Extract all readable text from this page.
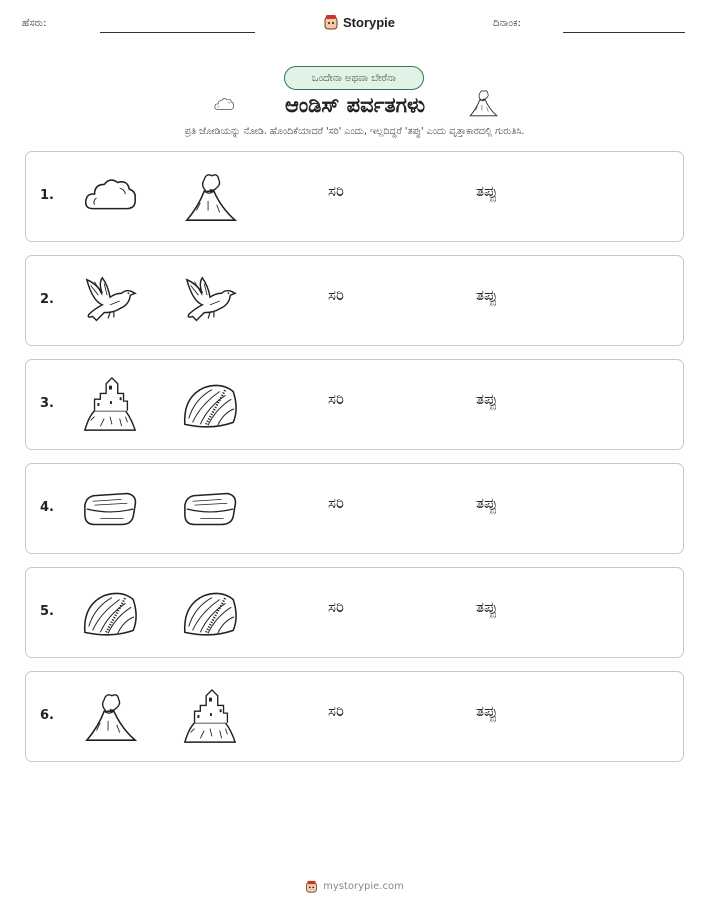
ಹೆಸರು:	Storypie	ದಿನಾಂಕ:
ಒಂದೇನಾ ಅಥವಾ ಬೇರೆನಾ
ಆಂಡಿಸ್ ಪರ್ವತಗಳು
ಪ್ರತಿ ಜೋಡಿಯನ್ನು ನೋಡಿ. ಹೊಂದಿಕೆಯಾದರೆ 'ಸರಿ' ಎಂದು, ಇಲ್ಲದಿದ್ದರೆ 'ತಪ್ಪು' ಎಂದು ವೃತ್ತಾಕಾರದಲ್ಲಿ ಗುರುತಿಸಿ.
1.	ಸರಿ	ತಪ್ಪು
2.	ಸರಿ	ತಪ್ಪು
3.	ಸರಿ	ತಪ್ಪು
4.	ಸರಿ	ತಪ್ಪು
5.	ಸರಿ	ತಪ್ಪು
6.	ಸರಿ	ತಪ್ಪು
mystorypie.com
